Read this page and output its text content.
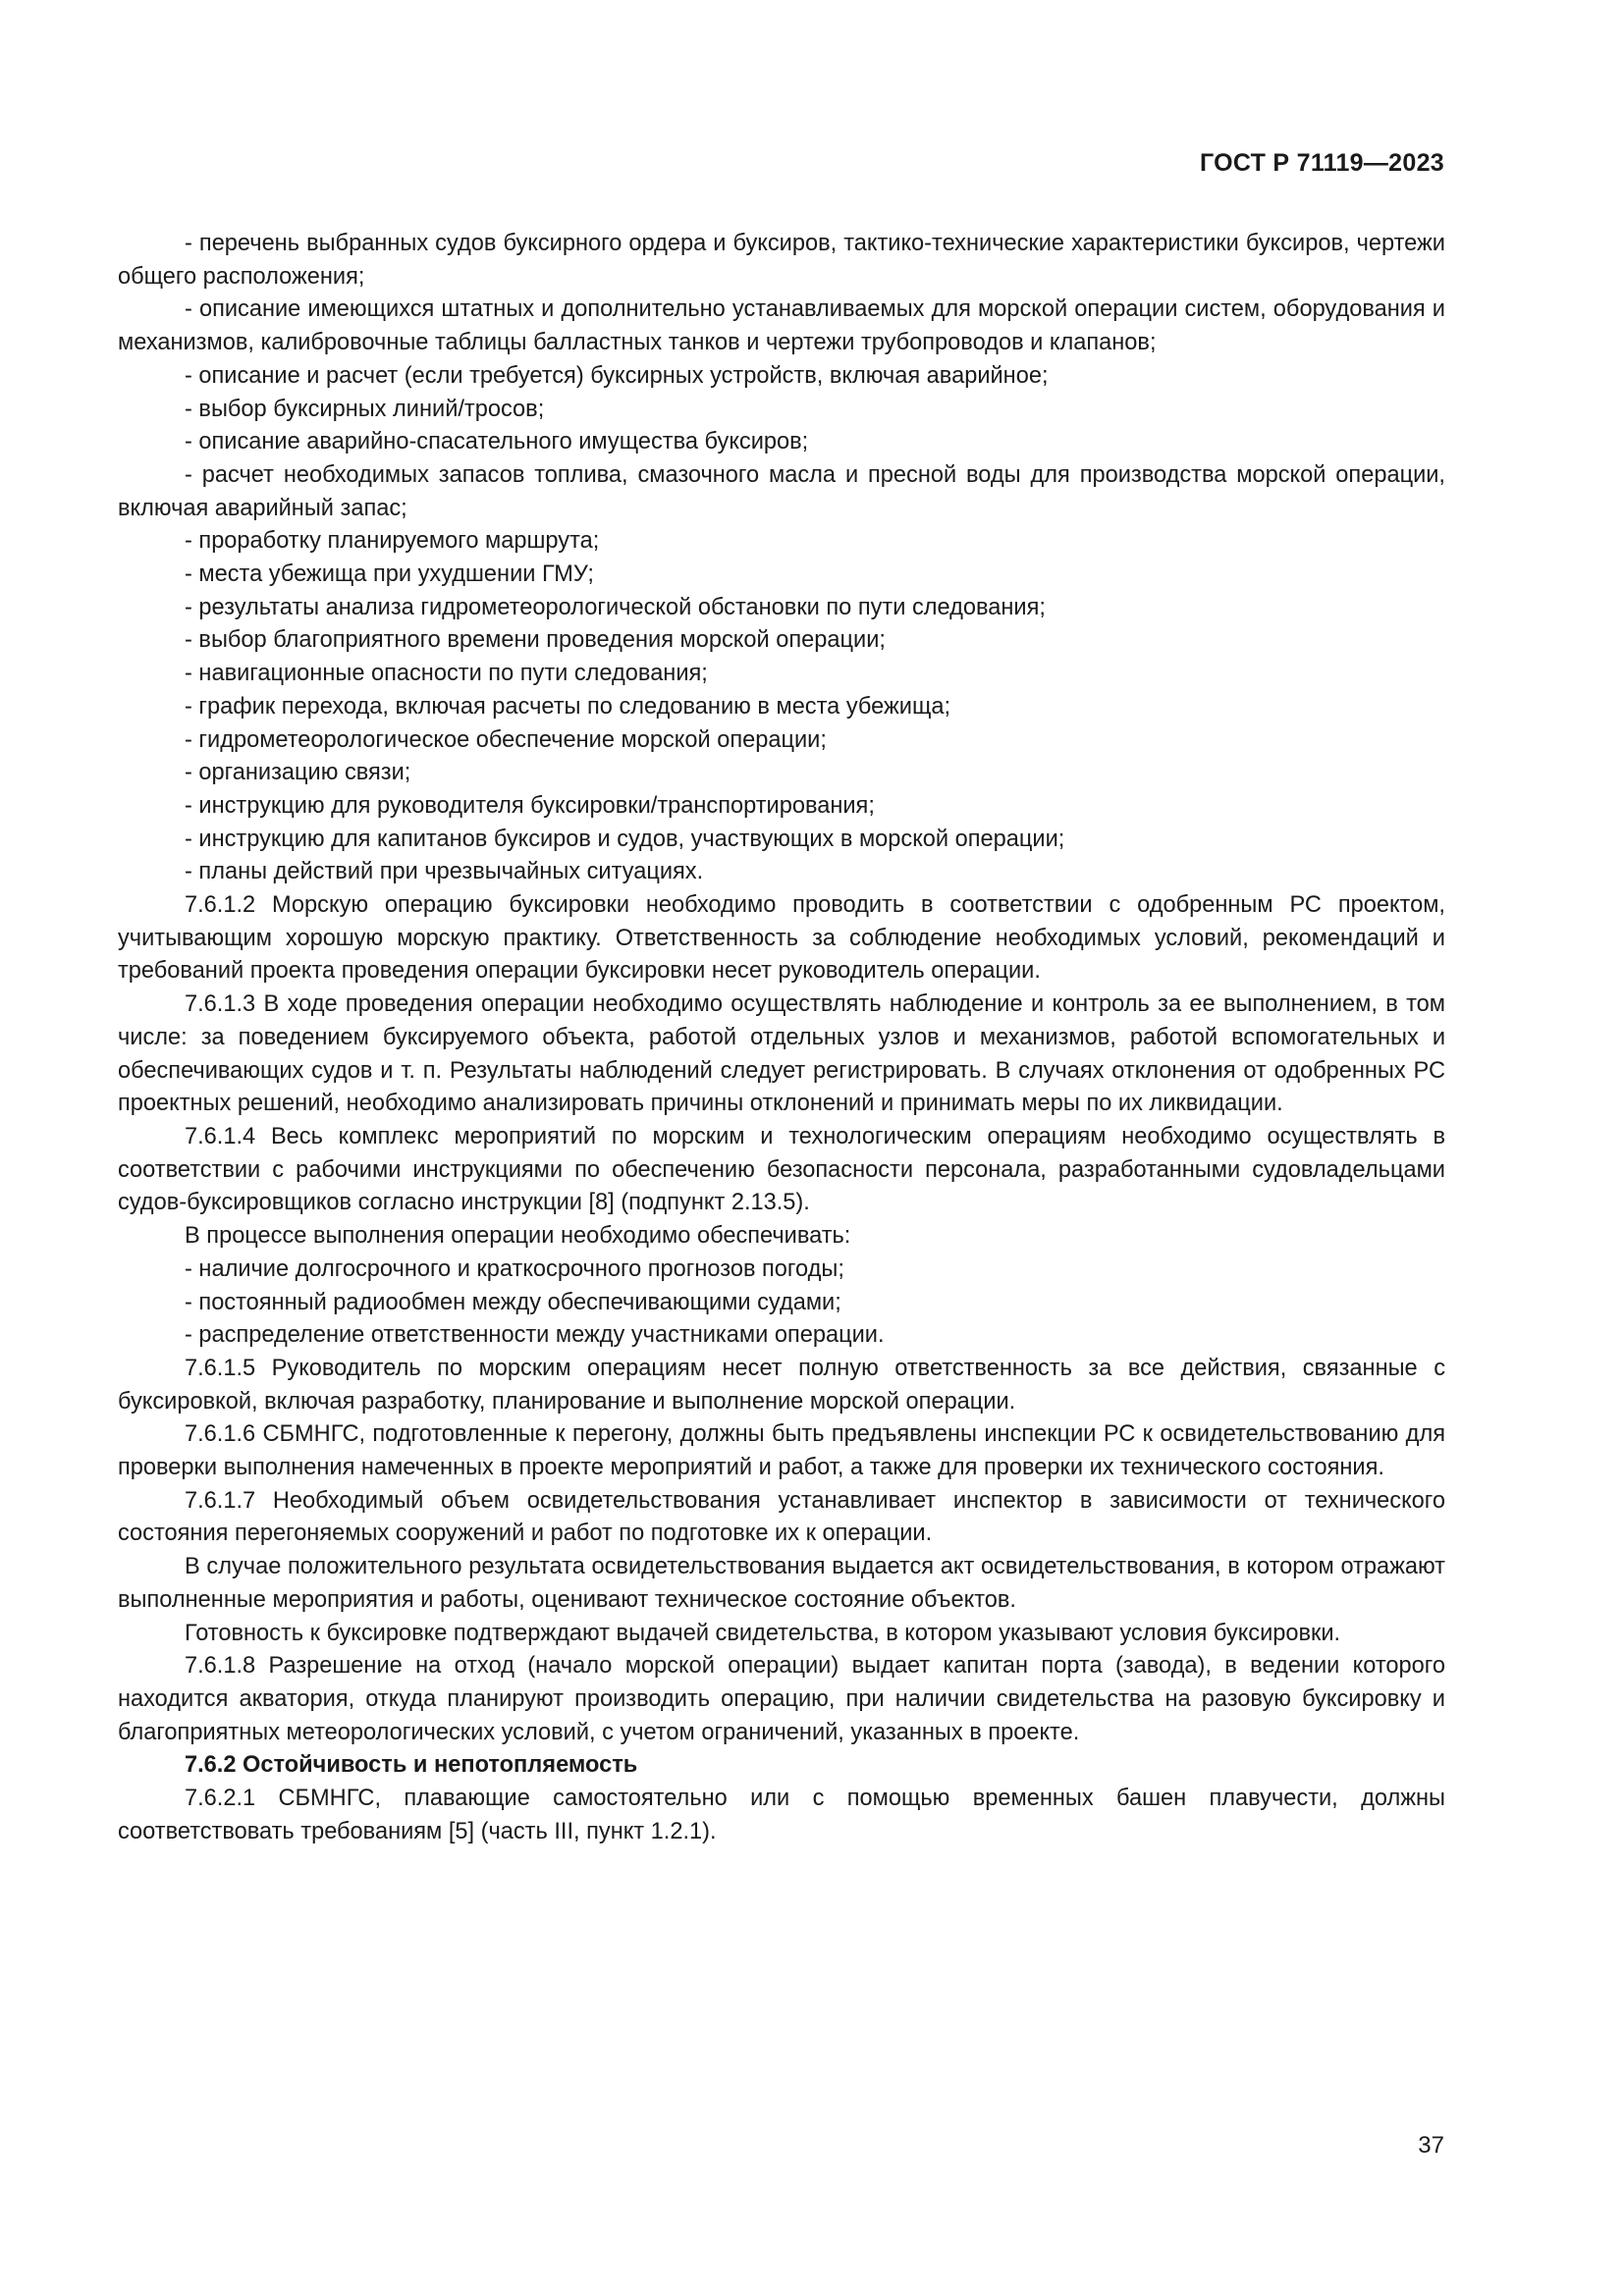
ГОСТ Р 71119—2023

- перечень выбранных судов буксирного ордера и буксиров, тактико-технические характеристики буксиров, чертежи общего расположения;

- описание имеющихся штатных и дополнительно устанавливаемых для морской операции систем, оборудования и механизмов, калибровочные таблицы балластных танков и чертежи трубопроводов и клапанов;

- описание и расчет (если требуется) буксирных устройств, включая аварийное;

- выбор буксирных линий/тросов;

- описание аварийно-спасательного имущества буксиров;

- расчет необходимых запасов топлива, смазочного масла и пресной воды для производства морской операции, включая аварийный запас;

- проработку планируемого маршрута;

- места убежища при ухудшении ГМУ;

- результаты анализа гидрометеорологической обстановки по пути следования;

- выбор благоприятного времени проведения морской операции;

- навигационные опасности по пути следования;

- график перехода, включая расчеты по следованию в места убежища;

- гидрометеорологическое обеспечение морской операции;

- организацию связи;

- инструкцию для руководителя буксировки/транспортирования;

- инструкцию для капитанов буксиров и судов, участвующих в морской операции;

- планы действий при чрезвычайных ситуациях.

7.6.1.2 Морскую операцию буксировки необходимо проводить в соответствии с одобренным РС проектом, учитывающим хорошую морскую практику. Ответственность за соблюдение необходимых условий, рекомендаций и требований проекта проведения операции буксировки несет руководитель операции.

7.6.1.3 В ходе проведения операции необходимо осуществлять наблюдение и контроль за ее выполнением, в том числе: за поведением буксируемого объекта, работой отдельных узлов и механизмов, работой вспомогательных и обеспечивающих судов и т. п. Результаты наблюдений следует регистрировать. В случаях отклонения от одобренных РС проектных решений, необходимо анализировать причины отклонений и принимать меры по их ликвидации.

7.6.1.4 Весь комплекс мероприятий по морским и технологическим операциям необходимо осуществлять в соответствии с рабочими инструкциями по обеспечению безопасности персонала, разработанными судовладельцами судов-буксировщиков согласно инструкции [8] (подпункт 2.13.5).

В процессе выполнения операции необходимо обеспечивать:

- наличие долгосрочного и краткосрочного прогнозов погоды;

- постоянный радиообмен между обеспечивающими судами;

- распределение ответственности между участниками операции.

7.6.1.5 Руководитель по морским операциям несет полную ответственность за все действия, связанные с буксировкой, включая разработку, планирование и выполнение морской операции.

7.6.1.6 СБМНГС, подготовленные к перегону, должны быть предъявлены инспекции РС к освидетельствованию для проверки выполнения намеченных в проекте мероприятий и работ, а также для проверки их технического состояния.

7.6.1.7 Необходимый объем освидетельствования устанавливает инспектор в зависимости от технического состояния перегоняемых сооружений и работ по подготовке их к операции.

В случае положительного результата освидетельствования выдается акт освидетельствования, в котором отражают выполненные мероприятия и работы, оценивают техническое состояние объектов.

Готовность к буксировке подтверждают выдачей свидетельства, в котором указывают условия буксировки.

7.6.1.8 Разрешение на отход (начало морской операции) выдает капитан порта (завода), в ведении которого находится акватория, откуда планируют производить операцию, при наличии свидетельства на разовую буксировку и благоприятных метеорологических условий, с учетом ограничений, указанных в проекте.

7.6.2 Остойчивость и непотопляемость

7.6.2.1 СБМНГС, плавающие самостоятельно или с помощью временных башен плавучести, должны соответствовать требованиям [5] (часть III, пункт 1.2.1).

37
